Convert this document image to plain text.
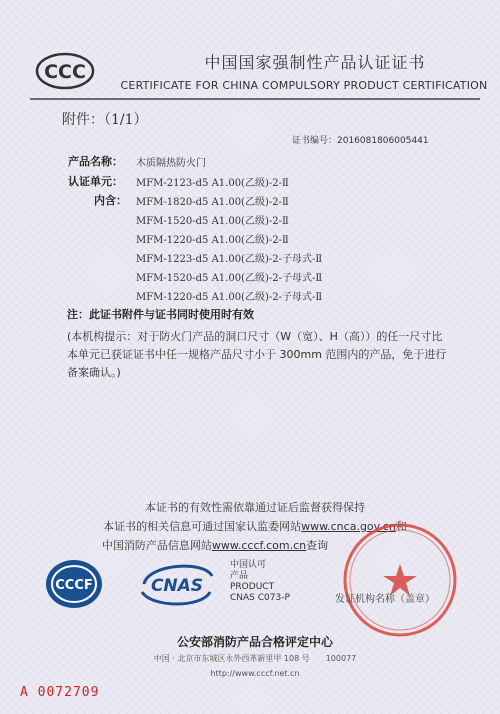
CCC	中国国家强制性产品认证证书
CERTIFICATE FOR CHINA COMPULSORY PRODUCT CERTIFICATION
附件：（1/1）
证书编号：2016081806005441
产品名称： 木质隔热防火门
认证单元： MFM-2123-d5 A1.00(乙级)-2-Ⅱ
内含： MFM-1820-d5 A1.00(乙级)-2-Ⅱ
MFM-1520-d5 A1.00(乙级)-2-Ⅱ
MFM-1220-d5 A1.00(乙级)-2-Ⅱ
MFM-1223-d5 A1.00(乙级)-2-子母式-Ⅱ
MFM-1520-d5 A1.00(乙级)-2-子母式-Ⅱ
MFM-1220-d5 A1.00(乙级)-2-子母式-Ⅱ
注：此证书附件与证书同时使用时有效
(本机构提示：对于防火门产品的洞口尺寸（W（宽）、H（高））的任一尺寸比
本单元已获证证书中任一规格产品尺寸小于 300mm 范围内的产品，免于进行
备案确认。)
本证书的有效性需依靠通过证后监督获得保持
本证书的相关信息可通过国家认监委网站www.cnca.gov.cn和
中国消防产品信息网站www.cccf.com.cn查询
CCCF	CNAS
中国认可
产品
PRODUCT
CNAS C073-P	发证机构名称（盖章）
公安部消防产品合格评定中心
中国 · 北京市东城区永外西革新里甲 108 号　　100077
http://www.cccf.net.cn
A 0072709
